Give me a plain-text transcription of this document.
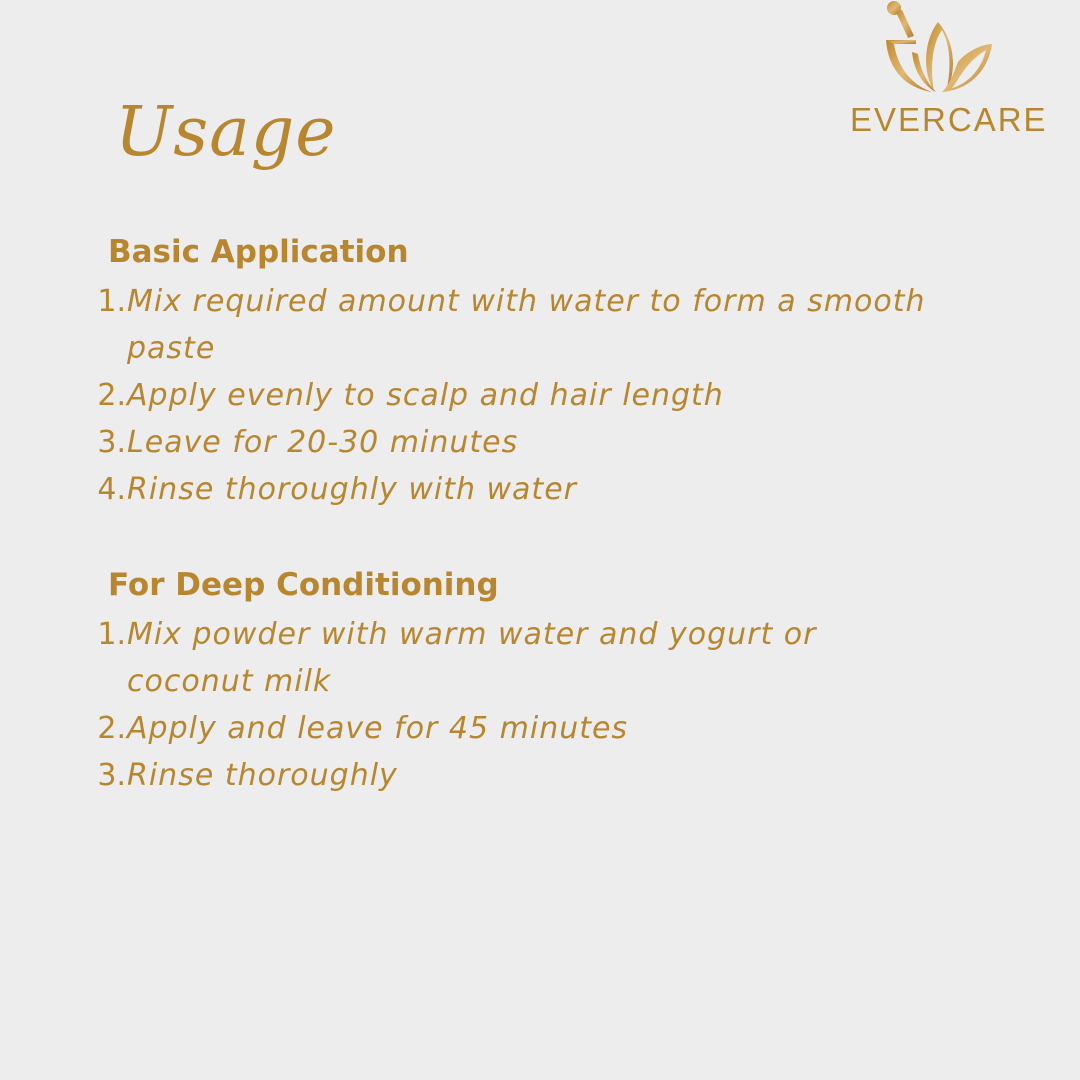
EVERCARE
Usage
Basic Application
1. Mix required amount with water to form a smooth paste
2. Apply evenly to scalp and hair length
3. Leave for 20-30 minutes
4. Rinse thoroughly with water
For Deep Conditioning
1. Mix powder with warm water and yogurt or coconut milk
2. Apply and leave for 45 minutes
3. Rinse thoroughly
